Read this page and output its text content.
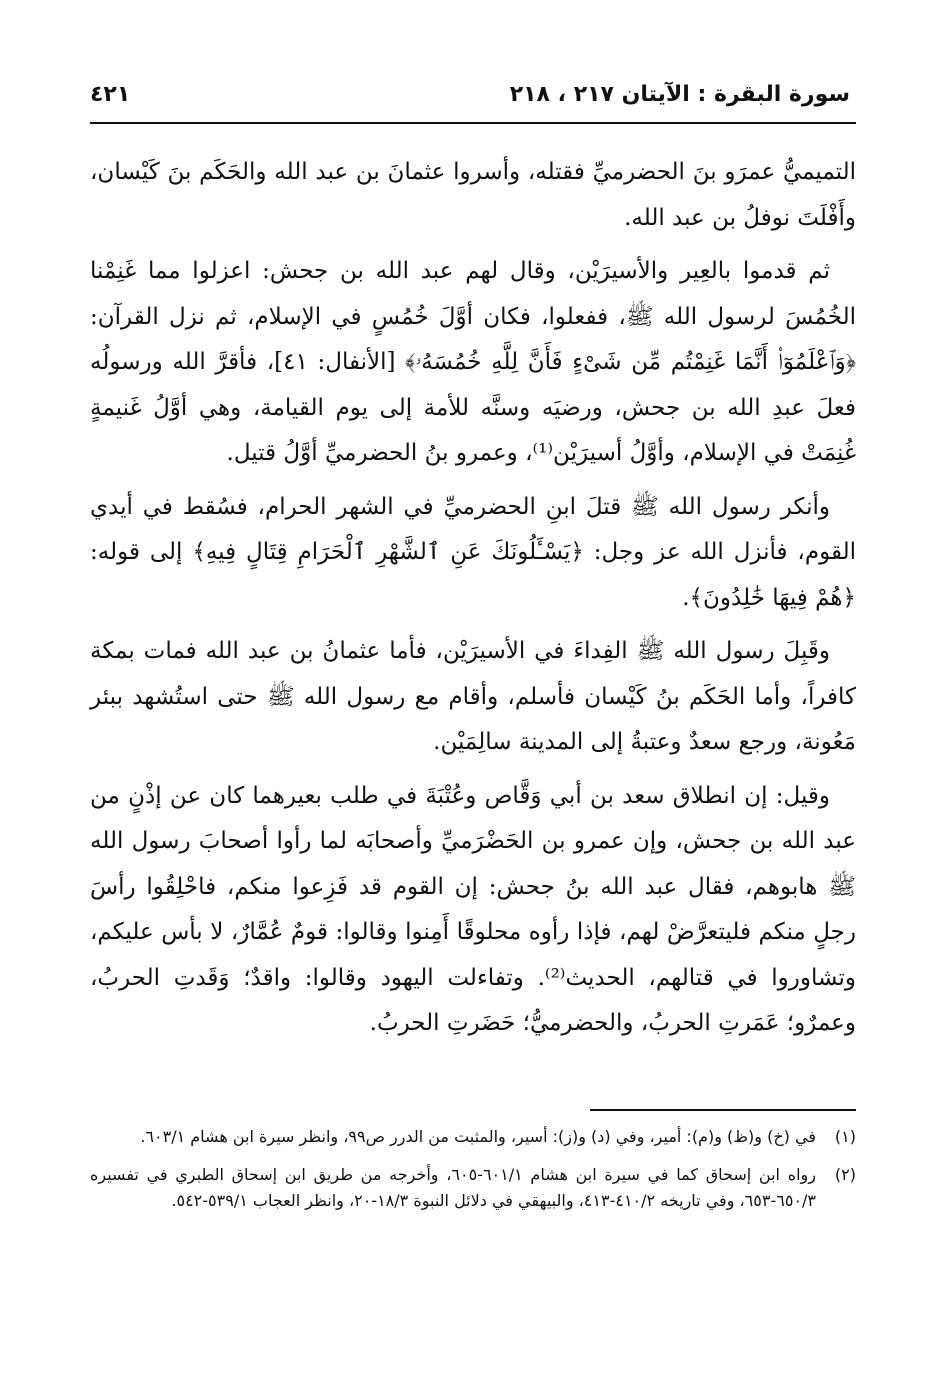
سورة البقرة : الآيتان ٢١٧ ، ٢١٨
٤٢١

التميميُّ عمرَو بنَ الحضرميِّ فقتله، وأسروا عثمانَ بن عبد الله والحَكَم بنَ كَيْسان، وأَفْلَتَ نوفلُ بن عبد الله.

ثم قدموا بالعِير والأسيرَيْن، وقال لهم عبد الله بن جحش: اعزلوا مما غَنِمْنا الخُمُسَ لرسول الله ﷺ، ففعلوا، فكان أوَّلَ خُمُسٍ في الإسلام، ثم نزل القرآن: ﴿وَٱعْلَمُوٓا۟ أَنَّمَا غَنِمْتُم مِّن شَىْءٍ فَأَنَّ لِلَّهِ خُمُسَهُۥ﴾ [الأنفال: ٤١]، فأقرَّ الله ورسولُه فعلَ عبدِ الله بن جحش، ورضيَه وسنَّه للأمة إلى يوم القيامة، وهي أوَّلُ غَنيمةٍ غُنِمَتْ في الإسلام، وأوَّلُ أسيرَيْن⁽¹⁾، وعمرو بنُ الحضرميِّ أوَّلُ قتيل.

وأنكر رسول الله ﷺ قتلَ ابنِ الحضرميِّ في الشهر الحرام، فسُقط في أيدي القوم، فأنزل الله عز وجل: ﴿يَسْـَٔلُونَكَ عَنِ ٱلشَّهْرِ ٱلْحَرَامِ قِتَالٍ فِيهِ﴾ إلى قوله: ﴿هُمْ فِيهَا خَٰلِدُونَ﴾.

وقَبِلَ رسول الله ﷺ الفِداءَ في الأسيرَيْن، فأما عثمانُ بن عبد الله فمات بمكة كافراً، وأما الحَكَم بنُ كَيْسان فأسلم، وأقام مع رسول الله ﷺ حتى استُشهد ببئر مَعُونة، ورجع سعدٌ وعتبةُ إلى المدينة سالِمَيْن.

وقيل: إن انطلاق سعد بن أبي وَقَّاص وعُتْبَةَ في طلب بعيرهما كان عن إذْنٍ من عبد الله بن جحش، وإن عمرو بن الحَضْرَميِّ وأصحابَه لما رأوا أصحابَ رسول الله ﷺ هابوهم، فقال عبد الله بنُ جحش: إن القوم قد فَزِعوا منكم، فاحْلِقُوا رأسَ رجلٍ منكم فليتعرَّضْ لهم، فإذا رأوه محلوقًا أَمِنوا وقالوا: قومٌ عُمَّارٌ، لا بأس عليكم، وتشاوروا في قتالهم، الحديث⁽²⁾. وتفاءلت اليهود وقالوا: واقدٌ؛ وَقَدتِ الحربُ، وعمرٌو؛ عَمَرتِ الحربُ، والحضرميُّ؛ حَضَرتِ الحربُ.

(١)
في (خ) و(ظ) و(م): أمير، وفي (د) و(ز): أسير، والمثبت من الدرر ص٩٩، وانظر سيرة ابن هشام ٦٠٣/١.
(٢)
رواه ابن إسحاق كما في سيرة ابن هشام ٦٠١/١-٦٠٥، وأخرجه من طريق ابن إسحاق الطبري في تفسيره ٦٥٠/٣-٦٥٣، وفي تاريخه ٤١٠/٢-٤١٣، والبيهقي في دلائل النبوة ١٨/٣-٢٠، وانظر العجاب ٥٣٩/١-٥٤٢.
